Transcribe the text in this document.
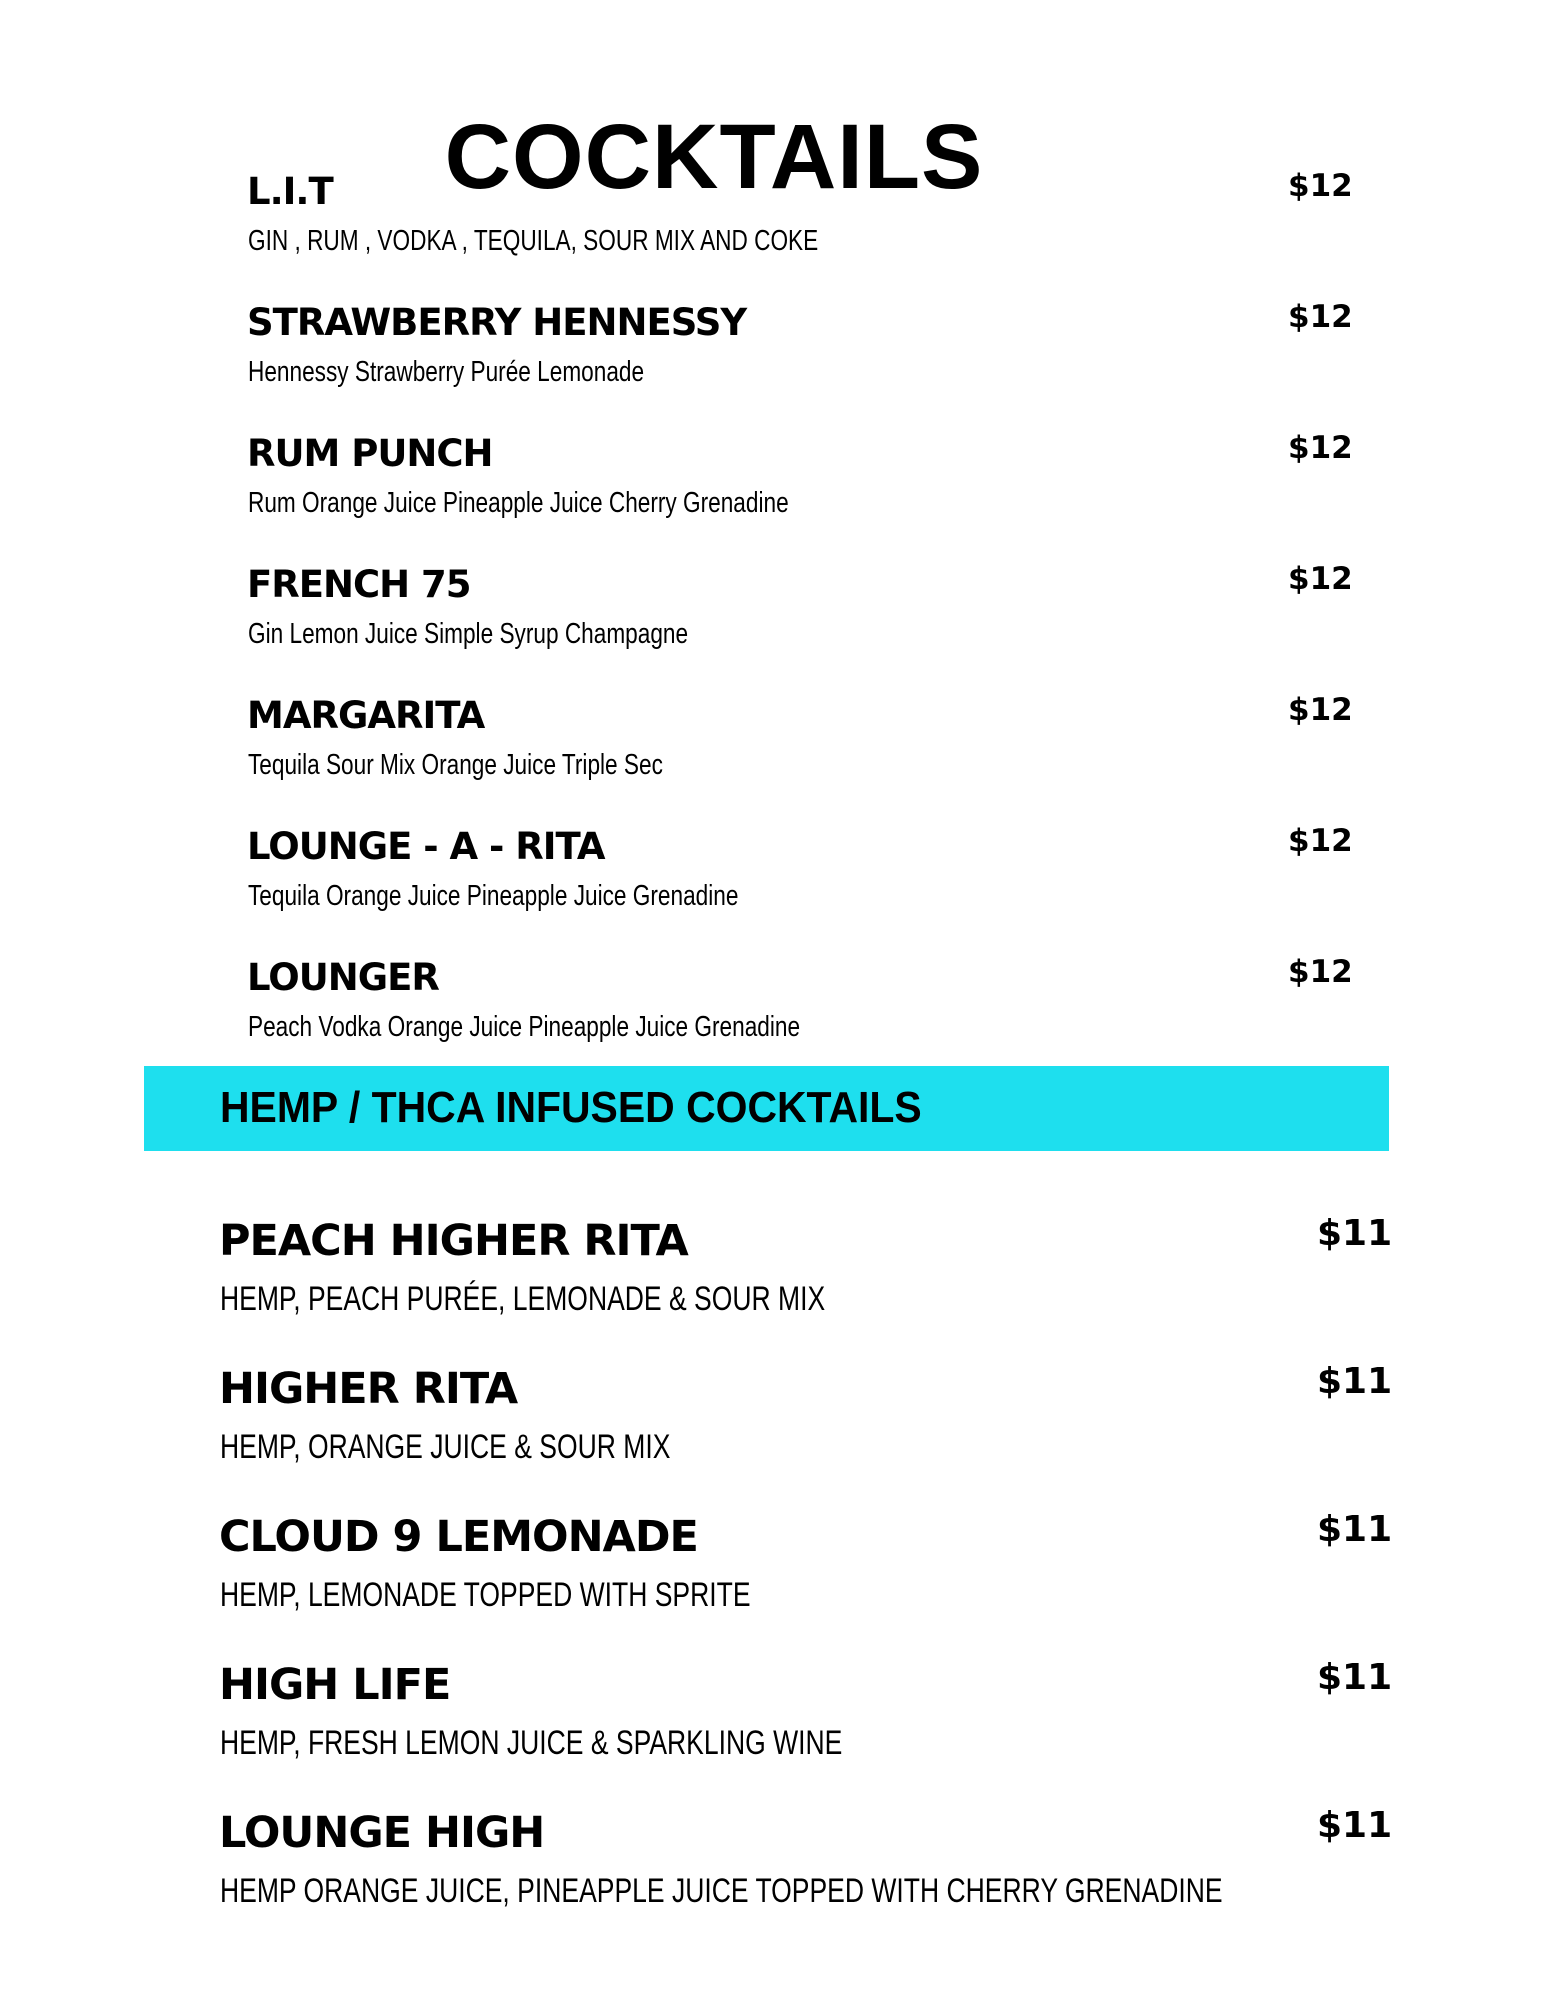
COCKTAILS
L.I.T
GIN , RUM , VODKA , TEQUILA, SOUR MIX AND COKE
$12
STRAWBERRY HENNESSY
Hennessy Strawberry Purée Lemonade
$12
RUM PUNCH
Rum Orange Juice Pineapple Juice Cherry Grenadine
$12
FRENCH 75
Gin Lemon Juice Simple Syrup Champagne
$12
MARGARITA
Tequila Sour Mix Orange Juice Triple Sec
$12
LOUNGE - A - RITA
Tequila Orange Juice Pineapple Juice Grenadine
$12
LOUNGER
Peach Vodka Orange Juice Pineapple Juice Grenadine
$12
HEMP / THCA INFUSED COCKTAILS
PEACH HIGHER RITA
HEMP, PEACH PURÉE, LEMONADE & SOUR MIX
$11
HIGHER RITA
HEMP, ORANGE JUICE & SOUR MIX
$11
CLOUD 9 LEMONADE
HEMP, LEMONADE TOPPED WITH SPRITE
$11
HIGH LIFE
HEMP, FRESH LEMON JUICE & SPARKLING WINE
$11
LOUNGE HIGH
HEMP ORANGE JUICE, PINEAPPLE JUICE TOPPED WITH CHERRY GRENADINE
$11
